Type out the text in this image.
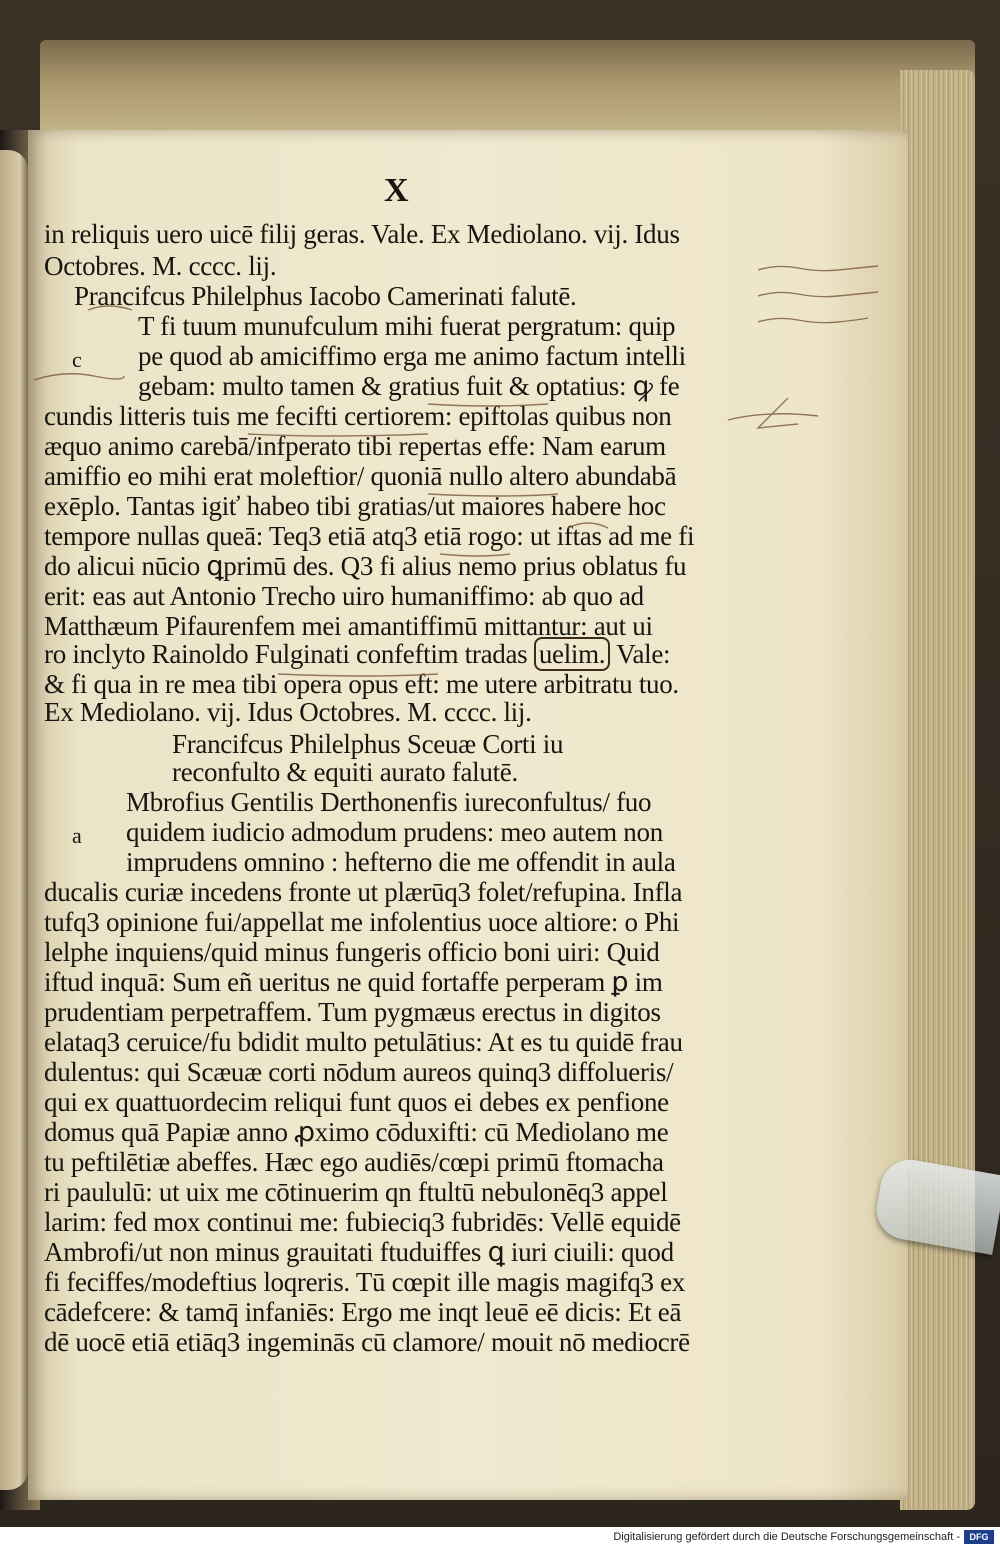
X
in reliquis uero uicē filij geras. Vale. Ex Mediolano. vij. Idus
Octobres. M. cccc. lij.
Prancifcus Philelphus Iacobo Camerinati falutē.
T fi tuum munufculum mihi fuerat pergratum: quip
c pe quod ab amiciffimo erga me animo factum intelli
gebam: multo tamen & gratius fuit & optatius: ꝙ fe
cundis litteris tuis me fecifti certiorem: epiftolas quibus non
æquo animo carebā/infperato tibi repertas effe: Nam earum
amiffio eo mihi erat moleftior/ quoniā nullo altero abundabā
exēplo. Tantas igiť habeo tibi gratias/ut maiores habere hoc
tempore nullas queā: Teq3 etiā atq3 etiā rogo: ut iftas ad me fi
do alicui nūcio ꝗprimū des. Q3 fi alius nemo prius oblatus fu
erit: eas aut Antonio Trecho uiro humaniffimo: ab quo ad
Matthæum Pifaurenfem mei amantiffimū mittantur: aut ui
ro inclyto Rainoldo Fulginati confeftim tradas uelim. Vale:
& fi qua in re mea tibi opera opus eft: me utere arbitratu tuo.
Ex Mediolano. vij. Idus Octobres. M. cccc. lij.
Francifcus Philelphus Sceuæ Corti iu
reconfulto & equiti aurato falutē.
Mbrofius Gentilis Derthonenfis iureconfultus/ fuo
a quidem iudicio admodum prudens: meo autem non
imprudens omnino : hefterno die me offendit in aula
ducalis curiæ incedens fronte ut plærūq3 folet/refupina. Infla
tufq3 opinione fui/appellat me infolentius uoce altiore: o Phi
lelphe inquiens/quid minus fungeris officio boni uiri: Quid
iftud inquā: Sum eñ ueritus ne quid fortaffe perperam ꝑ im
prudentiam perpetraffem. Tum pygmæus erectus in digitos
elataq3 ceruice/fu bdidit multo petulātius: At es tu quidē frau
dulentus: qui Scæuæ corti nōdum aureos quinq3 diffolueris/
qui ex quattuordecim reliqui funt quos ei debes ex penfione
domus quā Papiæ anno ꝓximo cōduxifti: cū Mediolano me
tu peftilētiæ abeffes. Hæc ego audiēs/cœpi primū ftomacha
ri paululū: ut uix me cōtinuerim qn ftultū nebulonēq3 appel
larim: fed mox continui me: fubieciq3 fubridēs: Vellē equidē
Ambrofi/ut non minus grauitati ftuduiffes ꝗ iuri ciuili: quod
fi feciffes/modeftius loqreris. Tū cœpit ille magis magifq3 ex
cādefcere: & tamq̄ infaniēs: Ergo me inqt leuē eē dicis: Et eā
dē uocē etiā etiāq3 ingeminās cū clamore/ mouit nō mediocrē
Digitalisierung gefördert durch die Deutsche Forschungsgemeinschaft -	DFG
